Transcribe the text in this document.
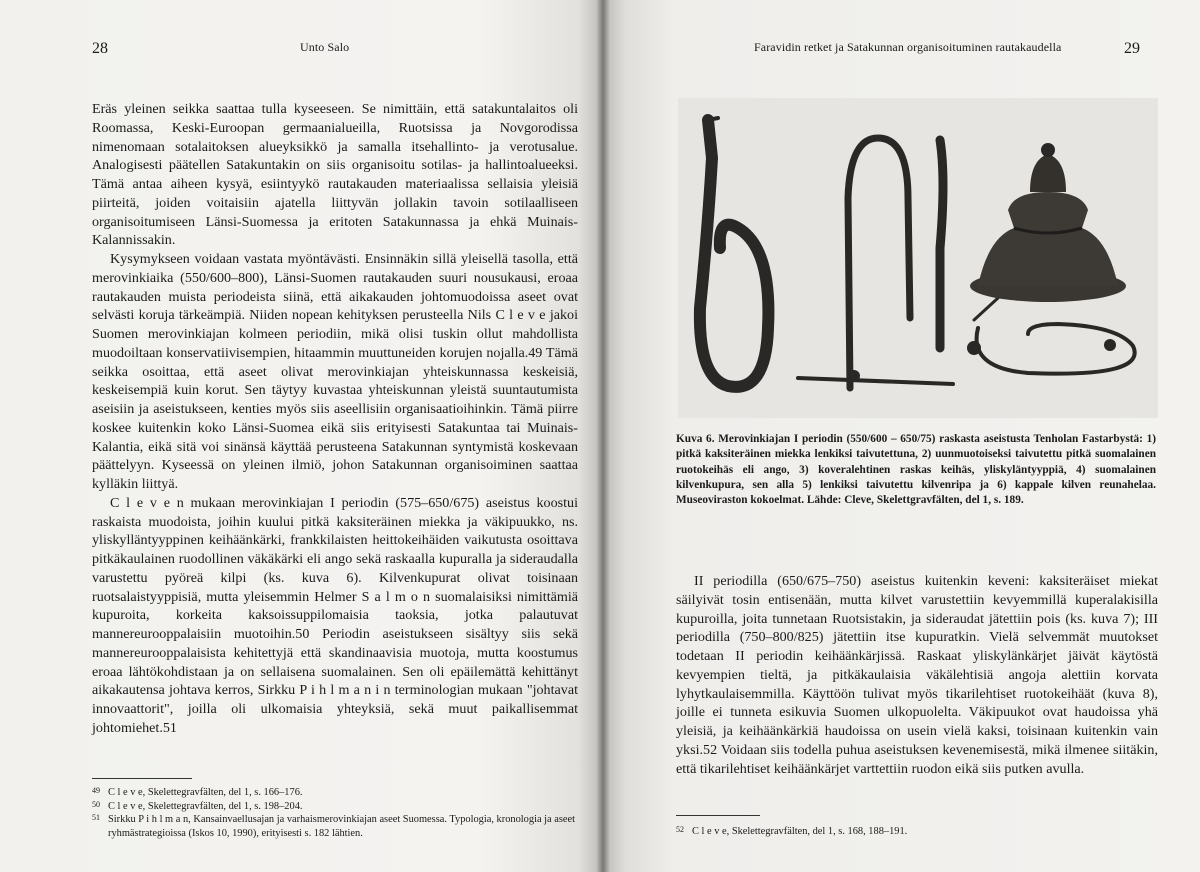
28	Unto Salo

Eräs yleinen seikka saattaa tulla kyseeseen. Se nimittäin, että satakuntalaitos oli Roomassa, Keski-Euroopan germaanialueilla, Ruotsissa ja Novgorodissa nimenomaan sotalaitoksen alueyksikkö ja samalla itsehallinto- ja verotusalue. Analogisesti päätellen Satakuntakin on siis organisoitu sotilas- ja hallintoalueeksi. Tämä antaa aiheen kysyä, esiintyykö rautakauden materiaalissa sellaisia yleisiä piirteitä, joiden voitaisiin ajatella liittyvän jollakin tavoin sotilaalliseen organisoitumiseen Länsi-Suomessa ja eritoten Satakunnassa ja ehkä Muinais-Kalannissakin.

Kysymykseen voidaan vastata myöntävästi. Ensinnäkin sillä yleisellä tasolla, että merovinkiaika (550/600–800), Länsi-Suomen rautakauden suuri nousukausi, eroaa rautakauden muista periodeista siinä, että aikakauden johtomuodoissa aseet ovat selvästi koruja tärkeämpiä. Niiden nopean kehityksen perusteella Nils C l e v e jakoi Suomen merovinkiajan kolmeen periodiin, mikä olisi tuskin ollut mahdollista muodoiltaan konservatiivisempien, hitaammin muuttuneiden korujen nojalla.49 Tämä seikka osoittaa, että aseet olivat merovinkiajan yhteiskunnassa keskeisiä, keskeisempiä kuin korut. Sen täytyy kuvastaa yhteiskunnan yleistä suuntautumista aseisiin ja aseistukseen, kenties myös siis aseellisiin organisaatioihinkin. Tämä piirre koskee kuitenkin koko Länsi-Suomea eikä siis erityisesti Satakuntaa tai Muinais-Kalantia, eikä sitä voi sinänsä käyttää perusteena Satakunnan syntymistä koskevaan päättelyyn. Kyseessä on yleinen ilmiö, johon Satakunnan organisoiminen saattaa kylläkin liittyä.

C l e v e n mukaan merovinkiajan I periodin (575–650/675) aseistus koostui raskaista muodoista, joihin kuului pitkä kaksiteräinen miekka ja väkipuukko, ns. yliskylläntyyppinen keihäänkärki, frankkilaisten heittokeihäiden vaikutusta osoittava pitkäkaulainen ruodollinen väkäkärki eli ango sekä raskaalla kupuralla ja sideraudalla varustettu pyöreä kilpi (ks. kuva 6). Kilvenkupurat olivat toisinaan ruotsalaistyyppisiä, mutta yleisemmin Helmer S a l m o n suomalaisiksi nimittämiä kupuroita, korkeita kaksoissuppilomaisia taoksia, jotka palautuvat mannereurooppalaisiin muotoihin.50 Periodin aseistukseen sisältyy siis sekä mannereurooppalaisista kehitettyjä että skandinaavisia muotoja, mutta koostumus eroaa lähtökohdistaan ja on sellaisena suomalainen. Sen oli epäilemättä kehittänyt aikakautensa johtava kerros, Sirkku P i h l m a n i n terminologian mukaan "johtavat innovaattorit", joilla oli ulkomaisia yhteyksiä, sekä muut paikallisemmat johtomiehet.51

49 C l e v e, Skelettegravfälten, del 1, s. 166–176.
50 C l e v e, Skelettegravfälten, del 1, s. 198–204.
51 Sirkku P i h l m a n, Kansainvaellusajan ja varhaismerovinkiajan aseet Suomessa. Typologia, kronologia ja aseet ryhmästrategioissa (Iskos 10, 1990), erityisesti s. 182 lähtien.
Faravidin retket ja Satakunnan organisoituminen rautakaudella	29
Kuva 6. Merovinkiajan I periodin (550/600 – 650/75) raskasta aseistusta Tenholan Fastarbystä: 1) pitkä kaksiteräinen miekka lenkiksi taivutettuna, 2) uunmuotoiseksi taivutettu pitkä suomalainen ruotokeihäs eli ango, 3) koveralehtinen raskas keihäs, yliskyläntyyppiä, 4) suomalainen kilvenkupura, sen alla 5) lenkiksi taivutettu kilvenripa ja 6) kappale kilven reunahelaa. Museoviraston kokoelmat. Lähde: Cleve, Skelettgravfälten, del 1, s. 189.

II periodilla (650/675–750) aseistus kuitenkin keveni: kaksiteräiset miekat säilyivät tosin entisenään, mutta kilvet varustettiin kevyemmillä kuperalakisilla kupuroilla, joita tunnetaan Ruotsistakin, ja sideraudat jätettiin pois (ks. kuva 7); III periodilla (750–800/825) jätettiin itse kupuratkin. Vielä selvemmät muutokset todetaan II periodin keihäänkärjissä. Raskaat yliskylänkärjet jäivät käytöstä kevyempien tieltä, ja pitkäkaulaisia väkälehtisiä angoja alettiin korvata lyhytkaulaisemmilla. Käyttöön tulivat myös tikarilehtiset ruotokeihäät (kuva 8), joille ei tunneta esikuvia Suomen ulkopuolelta. Väkipuukot ovat haudoissa yhä yleisiä, ja keihäänkärkiä haudoissa on usein vielä kaksi, toisinaan kuitenkin vain yksi.52 Voidaan siis todella puhua aseistuksen kevenemisestä, mikä ilmenee siitäkin, että tikarilehtiset keihäänkärjet varttettiin ruodon eikä siis putken avulla.

52 C l e v e, Skelettegravfälten, del 1, s. 168, 188–191.
